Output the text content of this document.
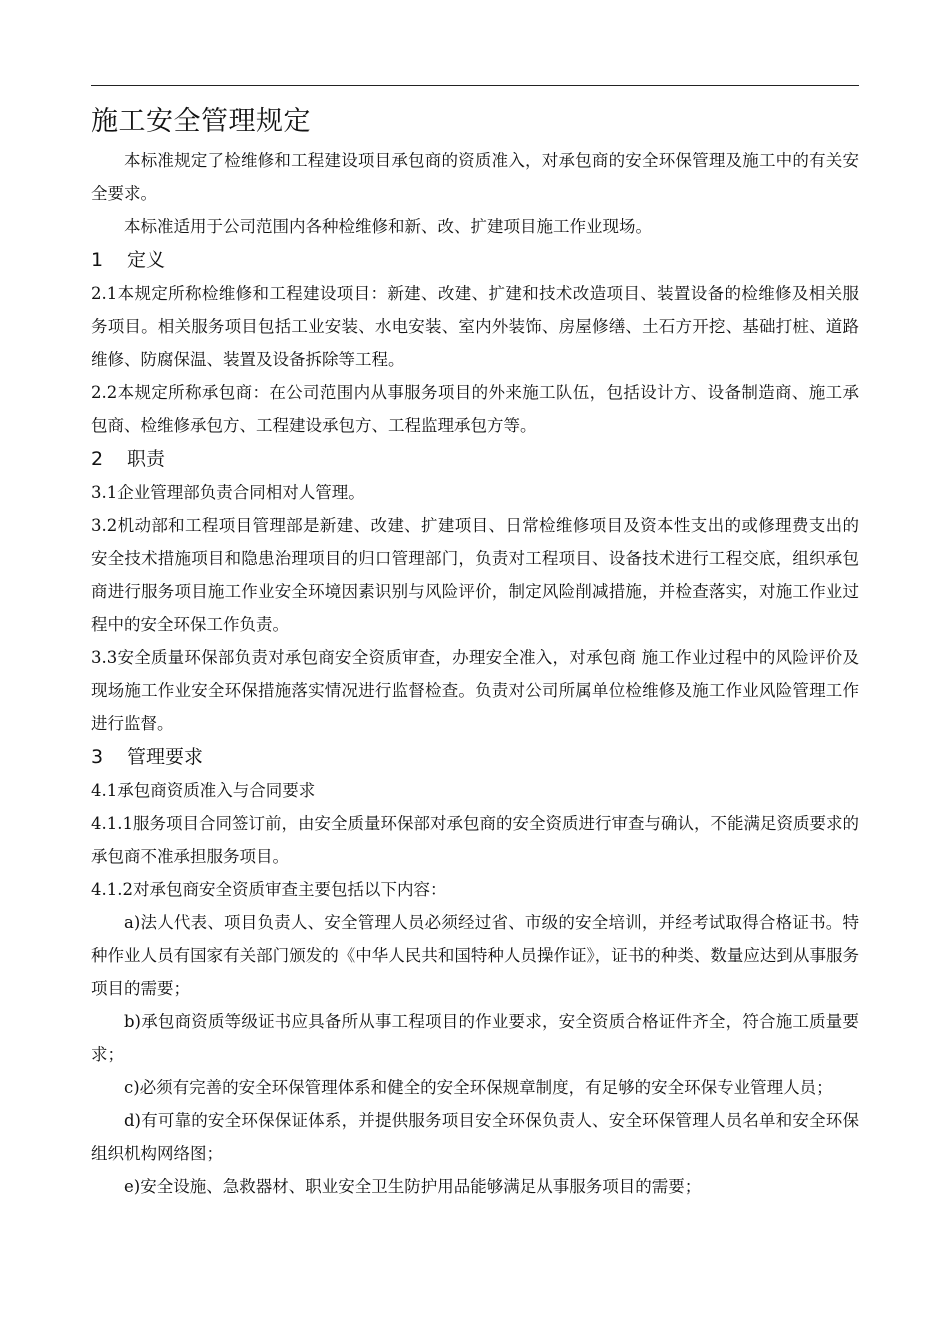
施工安全管理规定

本标准规定了检维修和工程建设项目承包商的资质准入，对承包商的安全环保管理及施工中的有关安全要求。

本标准适用于公司范围内各种检维修和新、改、扩建项目施工作业现场。

1	定义

2.1本规定所称检维修和工程建设项目：新建、改建、扩建和技术改造项目、装置设备的检维修及相关服务项目。相关服务项目包括工业安装、水电安装、室内外装饰、房屋修缮、土石方开挖、基础打桩、道路维修、防腐保温、装置及设备拆除等工程。

2.2本规定所称承包商：在公司范围内从事服务项目的外来施工队伍，包括设计方、设备制造商、施工承包商、检维修承包方、工程建设承包方、工程监理承包方等。

2	职责

3.1企业管理部负责合同相对人管理。

3.2机动部和工程项目管理部是新建、改建、扩建项目、日常检维修项目及资本性支出的或修理费支出的安全技术措施项目和隐患治理项目的归口管理部门，负责对工程项目、设备技术进行工程交底，组织承包商进行服务项目施工作业安全环境因素识别与风险评价，制定风险削减措施，并检查落实，对施工作业过程中的安全环保工作负责。

3.3安全质量环保部负责对承包商安全资质审查，办理安全准入，对承包商 施工作业过程中的风险评价及现场施工作业安全环保措施落实情况进行监督检查。负责对公司所属单位检维修及施工作业风险管理工作进行监督。

3	管理要求

4.1承包商资质准入与合同要求

4.1.1服务项目合同签订前，由安全质量环保部对承包商的安全资质进行审查与确认，不能满足资质要求的承包商不准承担服务项目。

4.1.2对承包商安全资质审查主要包括以下内容：

a)法人代表、项目负责人、安全管理人员必须经过省、市级的安全培训，并经考试取得合格证书。特种作业人员有国家有关部门颁发的《中华人民共和国特种人员操作证》，证书的种类、数量应达到从事服务项目的需要；

b)承包商资质等级证书应具备所从事工程项目的作业要求，安全资质合格证件齐全，符合施工质量要求；

c)必须有完善的安全环保管理体系和健全的安全环保规章制度，有足够的安全环保专业管理人员；

d)有可靠的安全环保保证体系，并提供服务项目安全环保负责人、安全环保管理人员名单和安全环保组织机构网络图；

e)安全设施、急救器材、职业安全卫生防护用品能够满足从事服务项目的需要；
